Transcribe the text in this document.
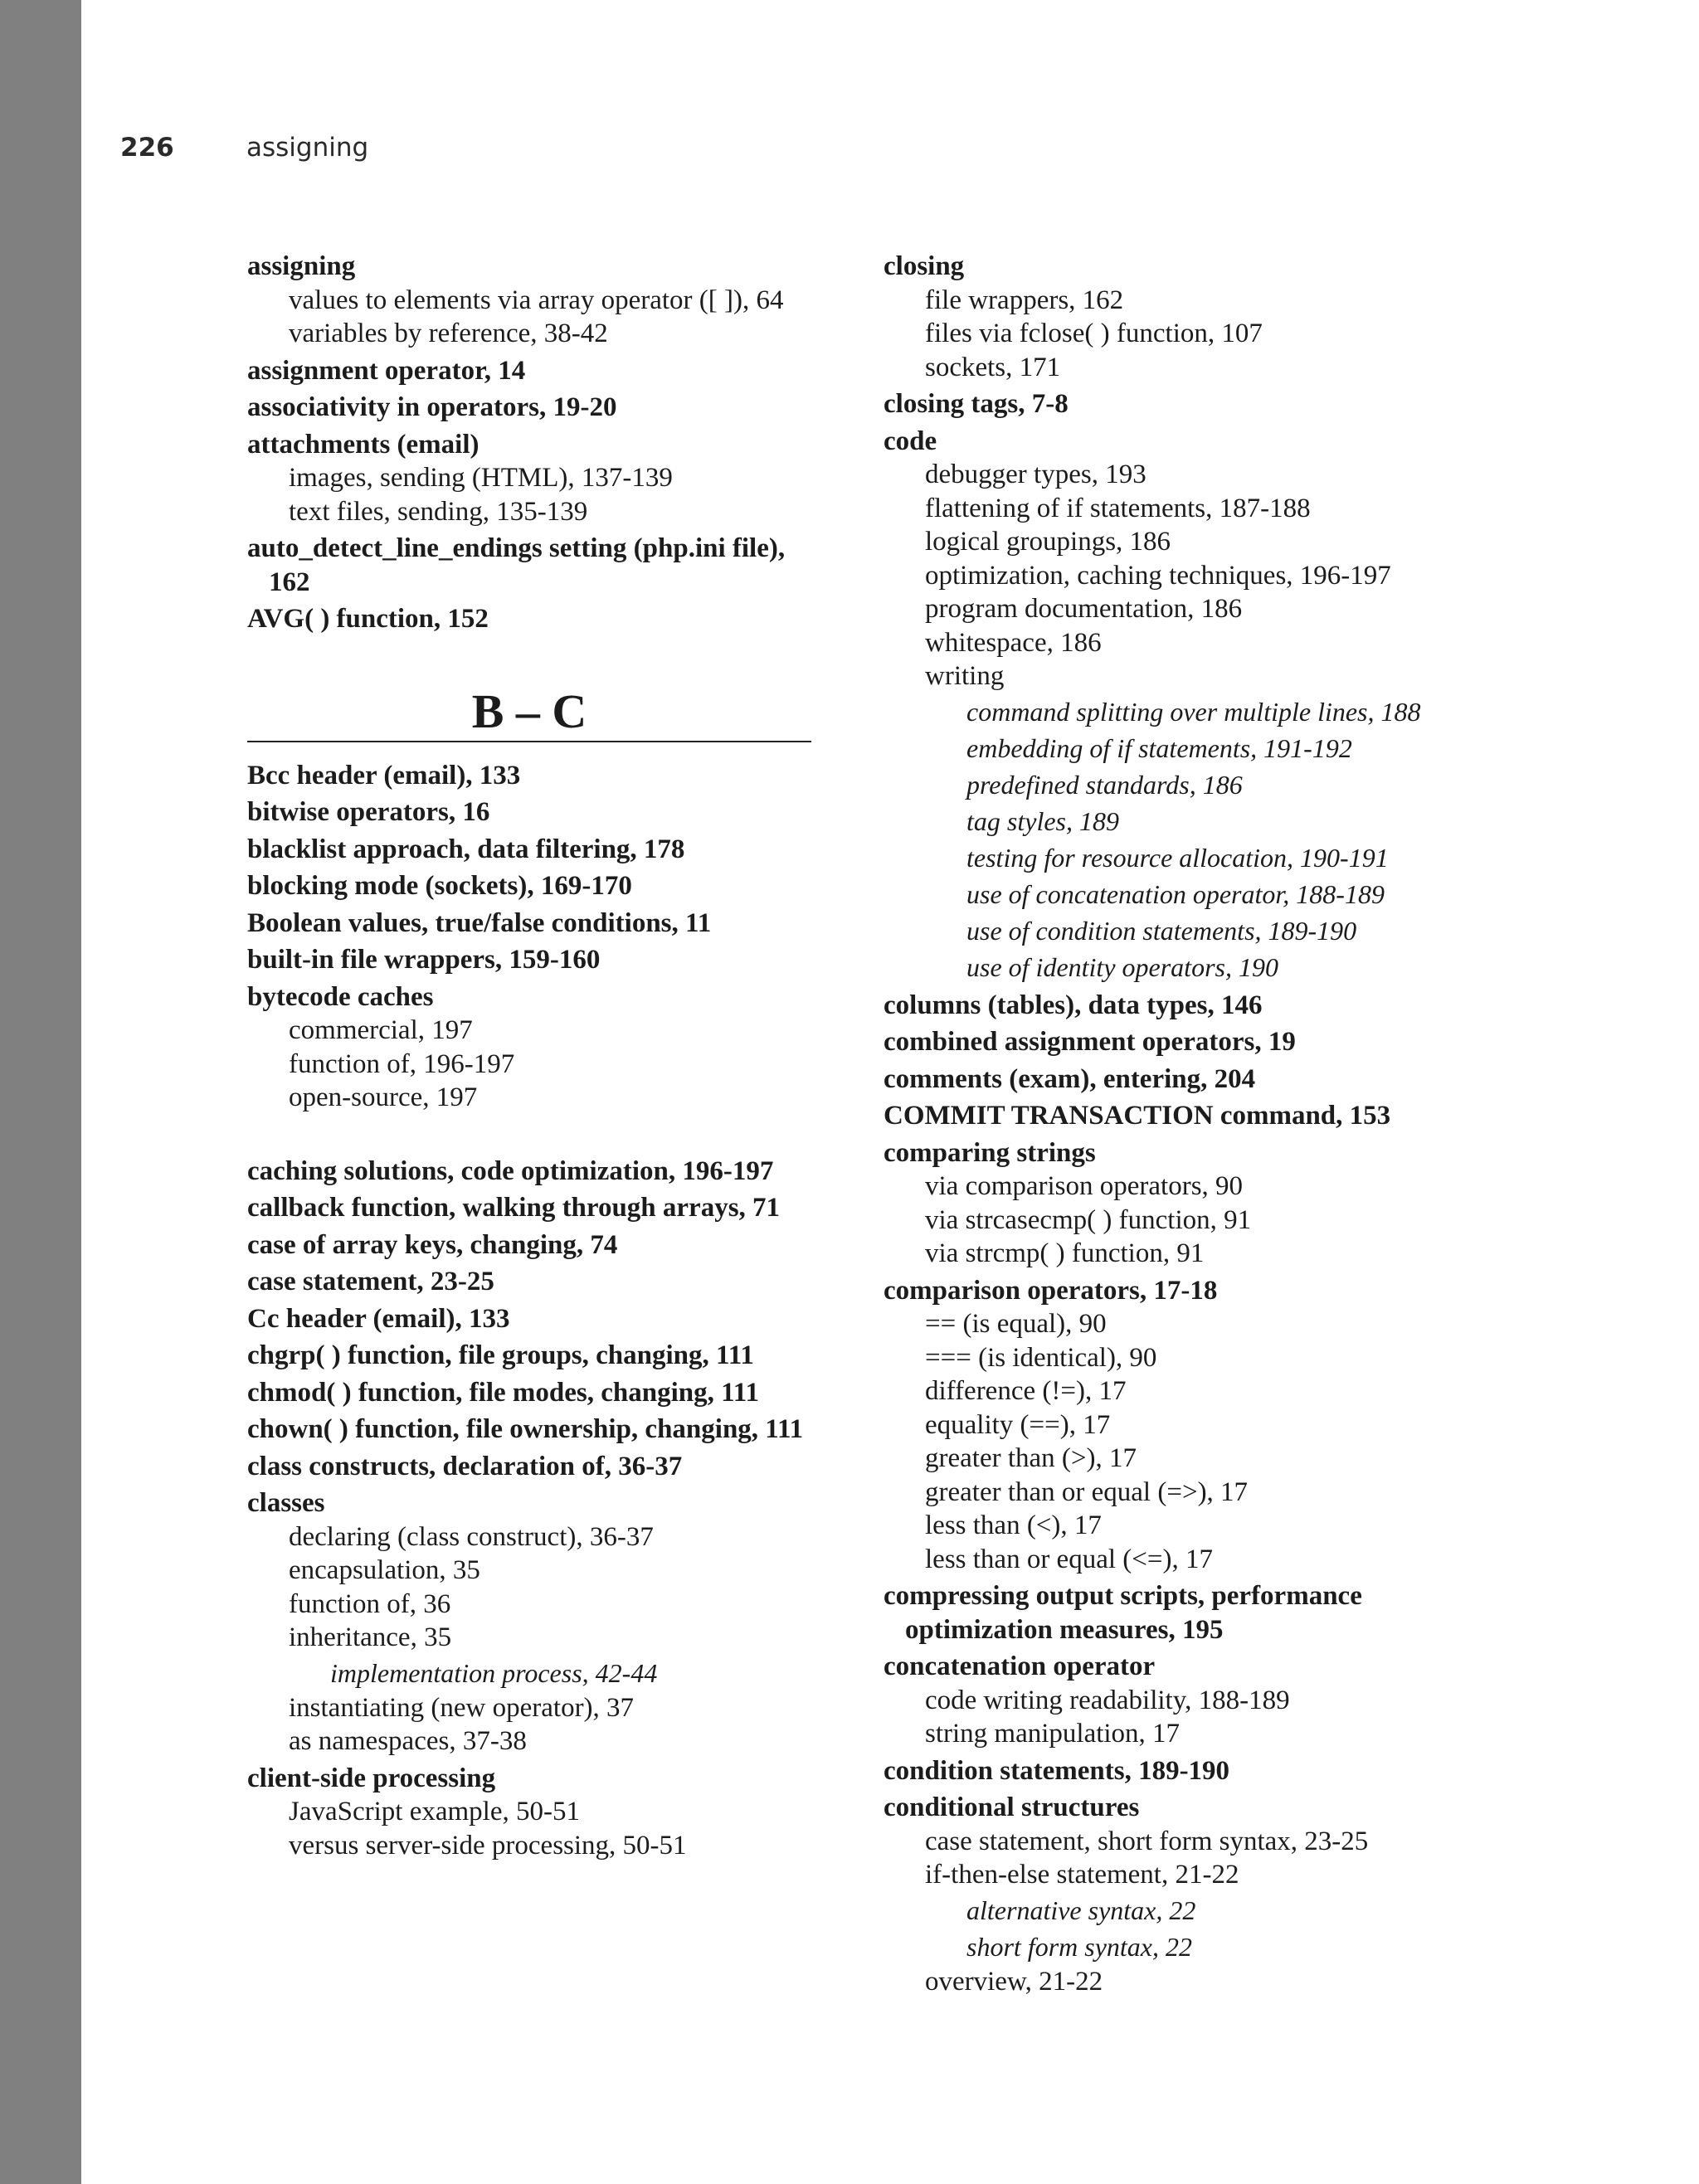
226	assigning
assigning
values to elements via array operator ([ ]), 64
variables by reference, 38-42
assignment operator, 14
associativity in operators, 19-20
attachments (email)
images, sending (HTML), 137-139
text files, sending, 135-139
auto_detect_line_endings setting (php.ini file), 162
AVG( ) function, 152
B – C
Bcc header (email), 133
bitwise operators, 16
blacklist approach, data filtering, 178
blocking mode (sockets), 169-170
Boolean values, true/false conditions, 11
built-in file wrappers, 159-160
bytecode caches
commercial, 197
function of, 196-197
open-source, 197
caching solutions, code optimization, 196-197
callback function, walking through arrays, 71
case of array keys, changing, 74
case statement, 23-25
Cc header (email), 133
chgrp( ) function, file groups, changing, 111
chmod( ) function, file modes, changing, 111
chown( ) function, file ownership, changing, 111
class constructs, declaration of, 36-37
classes
declaring (class construct), 36-37
encapsulation, 35
function of, 36
inheritance, 35
implementation process, 42-44
instantiating (new operator), 37
as namespaces, 37-38
client-side processing
JavaScript example, 50-51
versus server-side processing, 50-51
closing
file wrappers, 162
files via fclose( ) function, 107
sockets, 171
closing tags, 7-8
code
debugger types, 193
flattening of if statements, 187-188
logical groupings, 186
optimization, caching techniques, 196-197
program documentation, 186
whitespace, 186
writing
command splitting over multiple lines, 188
embedding of if statements, 191-192
predefined standards, 186
tag styles, 189
testing for resource allocation, 190-191
use of concatenation operator, 188-189
use of condition statements, 189-190
use of identity operators, 190
columns (tables), data types, 146
combined assignment operators, 19
comments (exam), entering, 204
COMMIT TRANSACTION command, 153
comparing strings
via comparison operators, 90
via strcasecmp( ) function, 91
via strcmp( ) function, 91
comparison operators, 17-18
== (is equal), 90
=== (is identical), 90
difference (!=), 17
equality (==), 17
greater than (>), 17
greater than or equal (=>), 17
less than (<), 17
less than or equal (<=), 17
compressing output scripts, performance optimization measures, 195
concatenation operator
code writing readability, 188-189
string manipulation, 17
condition statements, 189-190
conditional structures
case statement, short form syntax, 23-25
if-then-else statement, 21-22
alternative syntax, 22
short form syntax, 22
overview, 21-22
